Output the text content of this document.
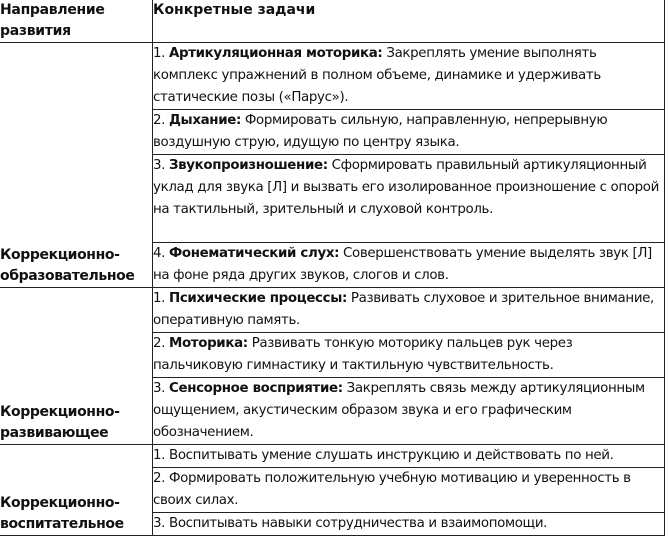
Направление развития	Конкретные задачи
Коррекционно-образовательное	1. Артикуляционная моторика: Закреплять умение выполнять комплекс упражнений в полном объеме, динамике и удерживать статические позы («Парус»).
	2. Дыхание: Формировать сильную, направленную, непрерывную воздушную струю, идущую по центру языка.
	3. Звукопроизношение: Сформировать правильный артикуляционный уклад для звука [Л] и вызвать его изолированное произношение с опорой на тактильный, зрительный и слуховой контроль.
	4. Фонематический слух: Совершенствовать умение выделять звук [Л] на фоне ряда других звуков, слогов и слов.
Коррекционно-развивающее	1. Психические процессы: Развивать слуховое и зрительное внимание, оперативную память.
	2. Моторика: Развивать тонкую моторику пальцев рук через пальчиковую гимнастику и тактильную чувствительность.
	3. Сенсорное восприятие: Закреплять связь между артикуляционным ощущением, акустическим образом звука и его графическим обозначением.
Коррекционно-воспитательное	1. Воспитывать умение слушать инструкцию и действовать по ней.
	2. Формировать положительную учебную мотивацию и уверенность в своих силах.
	3. Воспитывать навыки сотрудничества и взаимопомощи.
